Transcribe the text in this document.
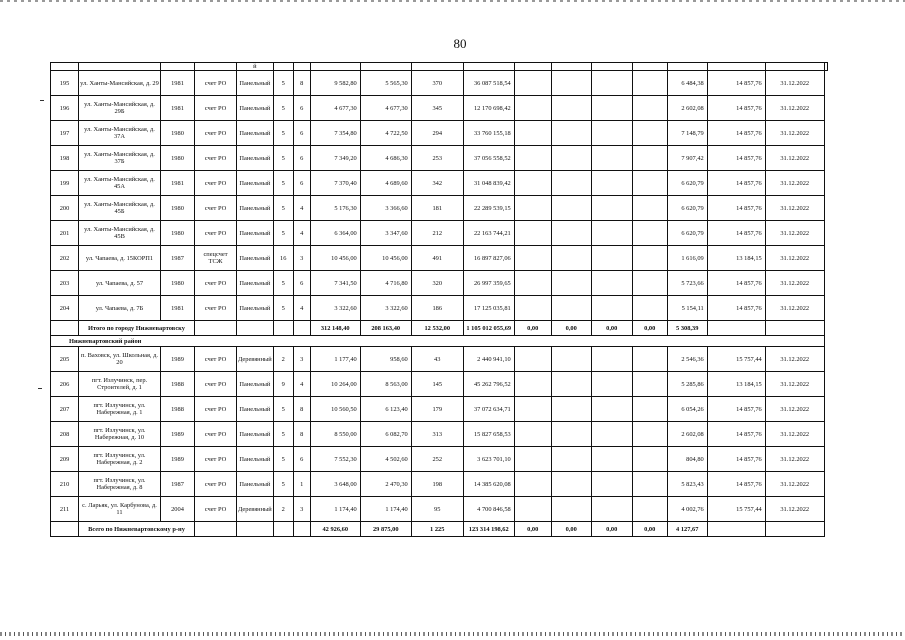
80
				й														
195	ул. Ханты-Мансийская, д. 29	1981	счет РО	Панельный	5	8	9 582,80	5 565,30	370	36 087 518,54					6 484,38	14 857,76	31.12.2022	
196	ул. Ханты-Мансийская, д. 29Б	1981	счет РО	Панельный	5	6	4 677,30	4 677,30	345	12 170 698,42					2 602,08	14 857,76	31.12.2022	
197	ул. Ханты-Мансийская, д. 37А	1980	счет РО	Панельный	5	6	7 354,80	4 722,50	294	33 760 155,18					7 148,79	14 857,76	31.12.2022	
198	ул. Ханты-Мансийская, д. 37Б	1980	счет РО	Панельный	5	6	7 349,20	4 686,30	253	37 056 558,52					7 907,42	14 857,76	31.12.2022	
199	ул. Ханты-Мансийская, д. 45А	1981	счет РО	Панельный	5	6	7 370,40	4 689,60	342	31 048 839,42					6 620,79	14 857,76	31.12.2022	
200	ул. Ханты-Мансийская, д. 45Б	1980	счет РО	Панельный	5	4	5 176,30	3 366,60	181	22 289 539,15					6 620,79	14 857,76	31.12.2022	
201	ул. Ханты-Мансийская, д. 45В	1980	счет РО	Панельный	5	4	6 364,00	3 347,60	212	22 163 744,21					6 620,79	14 857,76	31.12.2022	
202	ул. Чапаева, д. 15КОРП1	1987	спецсчет ТСЖ	Панельный	16	3	10 456,00	10 456,00	491	16 897 827,06					1 616,09	13 184,15	31.12.2022	
203	ул. Чапаева, д. 57	1980	счет РО	Панельный	5	6	7 341,50	4 716,80	320	26 997 359,65					5 723,66	14 857,76	31.12.2022	
204	ул. Чапаева, д. 7Б	1981	счет РО	Панельный	5	4	3 322,60	3 322,60	186	17 125 035,81					5 154,11	14 857,76	31.12.2022	
	Итого по городу Нижневартовску						312 148,40	208 163,40	12 532,00	1 105 012 055,69	0,00	0,00	0,00	0,00	5 308,39			
Нижневартовский район																		
205	п. Ваховск, ул. Школьная, д. 20	1989	счет РО	Деревянный	2	3	1 177,40	958,60	43	2 440 941,10					2 546,36	15 757,44	31.12.2022	
206	пгт. Излучинск, пер. Строителей, д. 1	1988	счет РО	Панельный	9	4	10 264,00	8 563,00	145	45 262 796,52					5 285,86	13 184,15	31.12.2022	
207	пгт. Излучинск, ул. Набережная, д. 1	1988	счет РО	Панельный	5	8	10 560,50	6 123,40	179	37 072 634,71					6 054,26	14 857,76	31.12.2022	
208	пгт. Излучинск, ул. Набережная, д. 10	1989	счет РО	Панельный	5	8	8 550,00	6 082,70	313	15 827 658,53					2 602,08	14 857,76	31.12.2022	
209	пгт. Излучинск, ул. Набережная, д. 2	1989	счет РО	Панельный	5	6	7 552,30	4 502,60	252	3 623 701,10					804,80	14 857,76	31.12.2022	
210	пгт. Излучинск, ул. Набережная, д. 8	1987	счет РО	Панельный	5	1	3 648,00	2 470,30	198	14 385 620,08					5 823,43	14 857,76	31.12.2022	
211	с. Ларьяк, ул. Карбунова, д. 11	2004	счет РО	Деревянный	2	3	1 174,40	1 174,40	95	4 700 846,58					4 002,76	15 757,44	31.12.2022	
	Всего по Нижневартовскому р-ну						42 926,60	29 875,00	1 225	123 314 198,62	0,00	0,00	0,00	0,00	4 127,67			
